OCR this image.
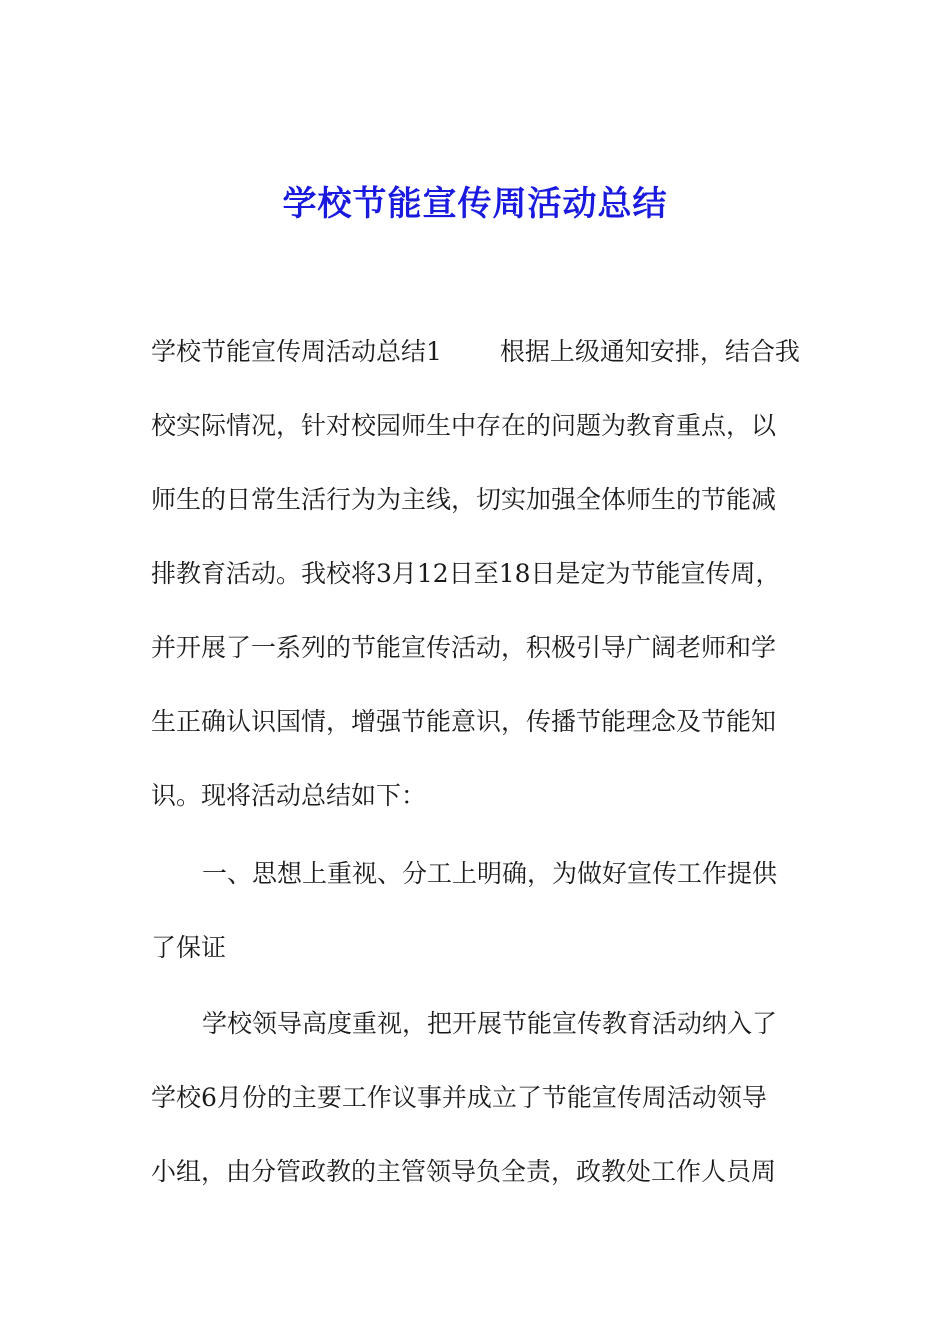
学校节能宣传周活动总结

学校节能宣传周活动总结1 根据上级通知安排，结合我

校实际情况，针对校园师生中存在的问题为教育重点，以

师生的日常生活行为为主线，切实加强全体师生的节能减

排教育活动。我校将3月12日至18日是定为节能宣传周，

并开展了一系列的节能宣传活动，积极引导广阔老师和学

生正确认识国情，增强节能意识，传播节能理念及节能知

识。现将活动总结如下：

一、思想上重视、分工上明确，为做好宣传工作提供

了保证

学校领导高度重视，把开展节能宣传教育活动纳入了

学校6月份的主要工作议事并成立了节能宣传周活动领导

小组，由分管政教的主管领导负全责，政教处工作人员周
